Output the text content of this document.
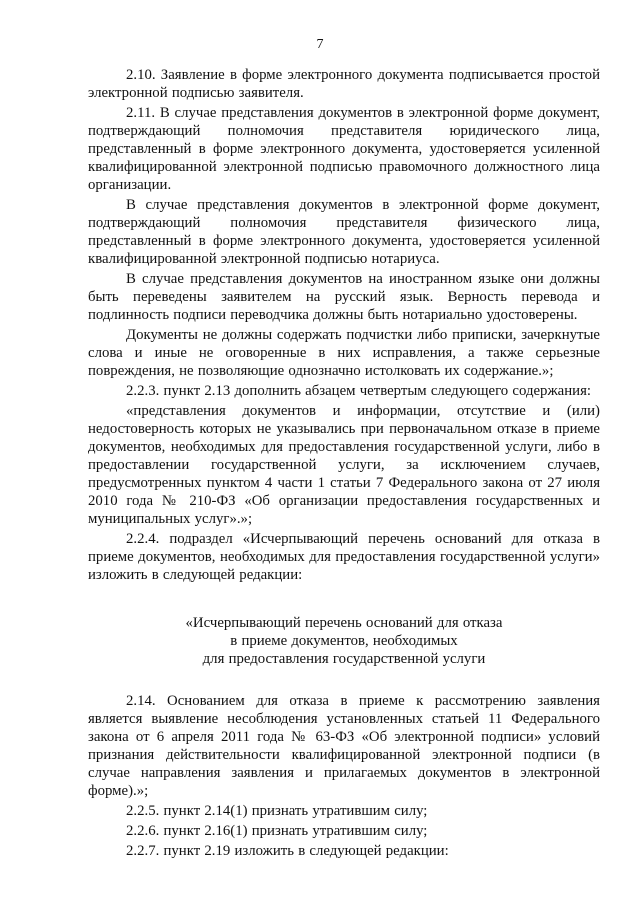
7

2.10. Заявление в форме электронного документа подписывается простой электронной подписью заявителя.

2.11. В случае представления документов в электронной форме документ, подтверждающий полномочия представителя юридического лица, представленный в форме электронного документа, удостоверяется усиленной квалифицированной электронной подписью правомочного должностного лица организации.

В случае представления документов в электронной форме документ, подтверждающий полномочия представителя физического лица, представленный в форме электронного документа, удостоверяется усиленной квалифицированной электронной подписью нотариуса.

В случае представления документов на иностранном языке они должны быть переведены заявителем на русский язык. Верность перевода и подлинность подписи переводчика должны быть нотариально удостоверены.

Документы не должны содержать подчистки либо приписки, зачеркнутые слова и иные не оговоренные в них исправления, а также серьезные повреждения, не позволяющие однозначно истолковать их содержание.»;

2.2.3. пункт 2.13 дополнить абзацем четвертым следующего содержания:

«представления документов и информации, отсутствие и (или) недостоверность которых не указывались при первоначальном отказе в приеме документов, необходимых для предоставления государственной услуги, либо в предоставлении государственной услуги, за исключением случаев, предусмотренных пунктом 4 части 1 статьи 7 Федерального закона от 27 июля 2010 года № 210-ФЗ «Об организации предоставления государственных и муниципальных услуг».»;

2.2.4. подраздел «Исчерпывающий перечень оснований для отказа в приеме документов, необходимых для предоставления государственной услуги» изложить в следующей редакции:

«Исчерпывающий перечень оснований для отказа
в приеме документов, необходимых
для предоставления государственной услуги

2.14. Основанием для отказа в приеме к рассмотрению заявления является выявление несоблюдения установленных статьей 11 Федерального закона от 6 апреля 2011 года № 63-ФЗ «Об электронной подписи» условий признания действительности квалифицированной электронной подписи (в случае направления заявления и прилагаемых документов в электронной форме).»;

2.2.5. пункт 2.14(1) признать утратившим силу;

2.2.6. пункт 2.16(1) признать утратившим силу;

2.2.7. пункт 2.19 изложить в следующей редакции:
